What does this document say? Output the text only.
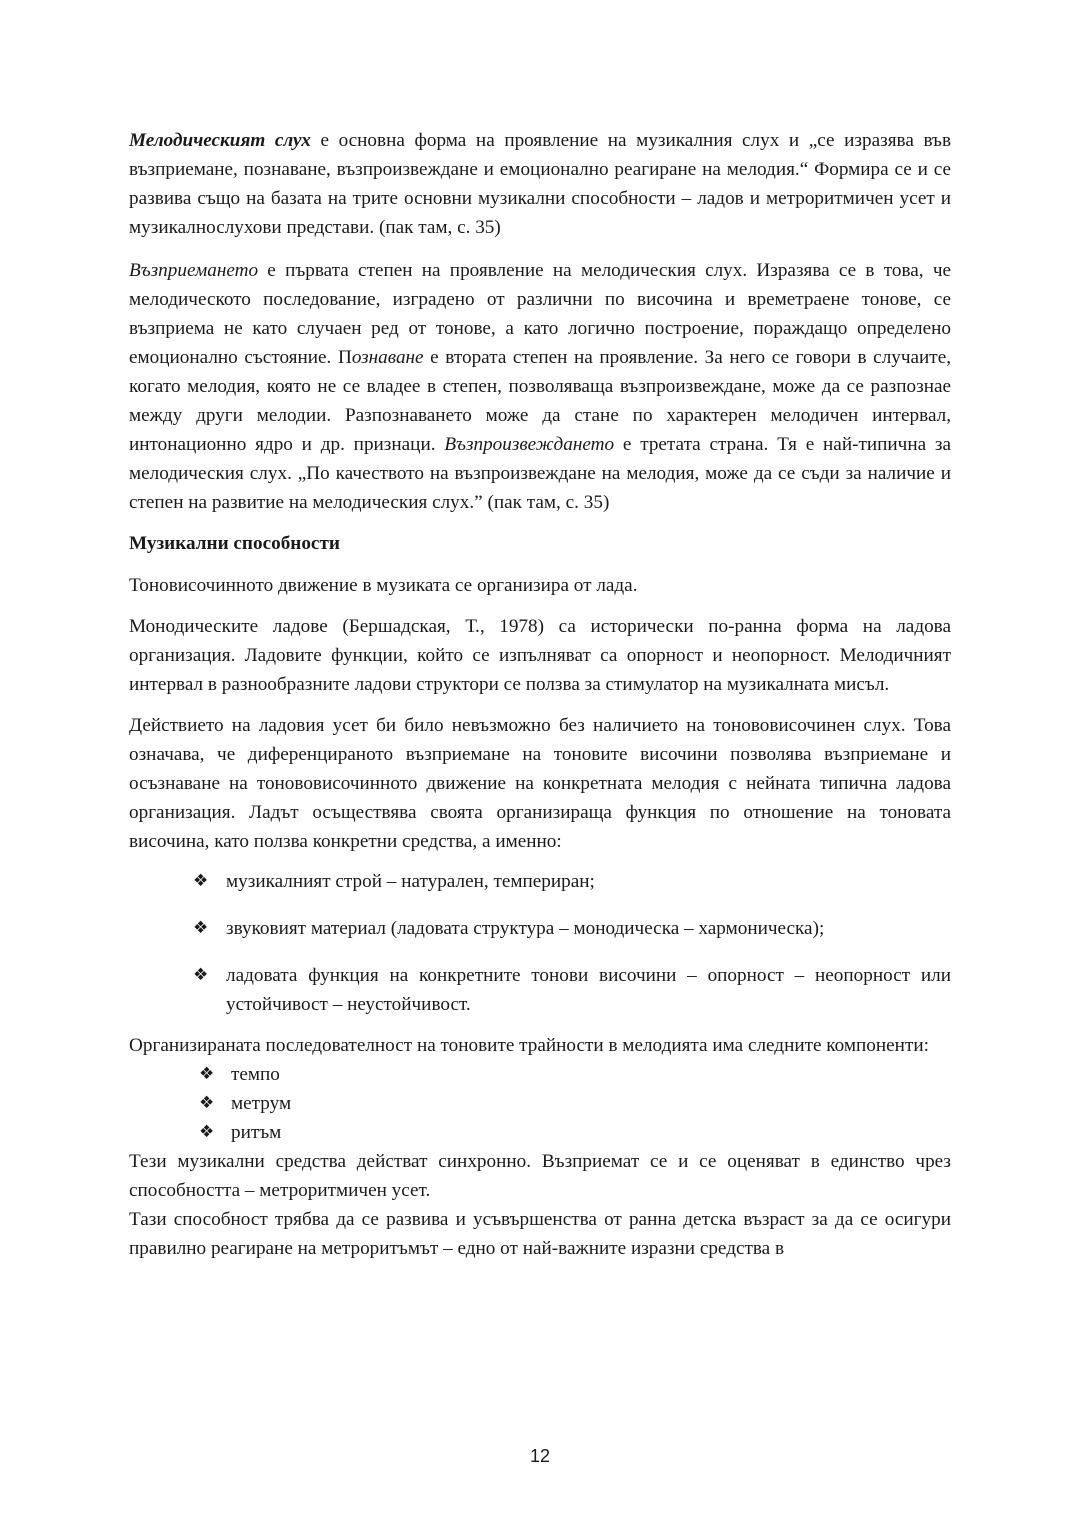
Мелодическият слух е основна форма на проявление на музикалния слух и „се изразява във възприемане, познаване, възпроизвеждане и емоционално реагиране на мелодия.“ Формира се и се развива също на базата на трите основни музикални способности – ладов и метроритмичен усет и музикалнослухови представи. (пак там, с. 35)

Възприемането е първата степен на проявление на мелодическия слух. Изразява се в това, че мелодическото последование, изградено от различни по височина и времетраене тонове, се възприема не като случаен ред от тонове, а като логично построение, пораждащо определено емоционално състояние. Познаване е втората степен на проявление. За него се говори в случаите, когато мелодия, която не се владее в степен, позволяваща възпроизвеждане, може да се разпознае между други мелодии. Разпознаването може да стане по характерен мелодичен интервал, интонационно ядро и др. признаци. Възпроизвеждането е третата страна. Тя е най-типична за мелодическия слух. „По качеството на възпроизвеждане на мелодия, може да се съди за наличие и степен на развитие на мелодическия слух.” (пак там, с. 35)

Музикални способности

Тоновисочинното движение в музиката се организира от лада.

Монодическите ладове (Бершадская, Т., 1978) са исторически по-ранна форма на ладова организация. Ладовите функции, който се изпълняват са опорност и неопорност. Мелодичният интервал в разнообразните ладови структори се ползва за стимулатор на музикалната мисъл.

Действието на ладовия усет би било невъзможно без наличието на тонововисочинен слух. Това означава, че диференцираното възприемане на тоновите височини позволява възприемане и осъзнаване на тонововисочинното движение на конкретната мелодия с нейната типична ладова организация. Ладът осъществява своята организираща функция по отношение на тоновата височина, като ползва конкретни средства, а именно:

❖ музикалният строй – натурален, темпериран;
❖ звуковият материал (ладовата структура – монодическа – хармоническа);
❖ ладовата функция на конкретните тонови височини – опорност – неопорност или устойчивост – неустойчивост.

Организираната последователност на тоновите трайности в мелодията има следните компоненти:

❖ темпо
❖ метрум
❖ ритъм

Тези музикални средства действат синхронно. Възприемат се и се оценяват в единство чрез способността – метроритмичен усет.

Тази способност трябва да се развива и усъвършенства от ранна детска възраст за да се осигури правилно реагиране на метроритъмът – едно от най-важните изразни средства в

12
